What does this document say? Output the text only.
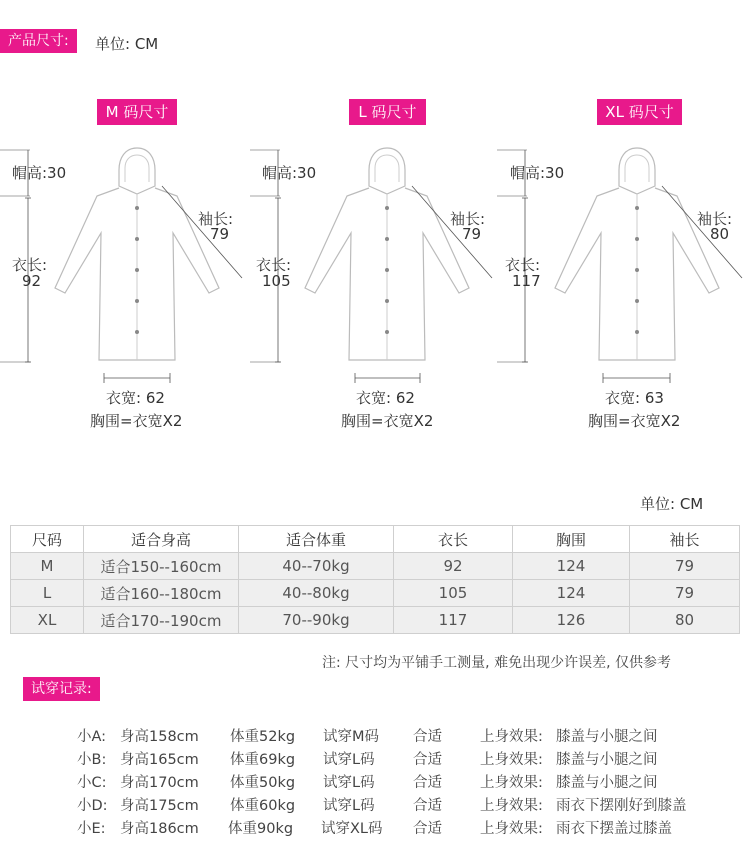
产品尺寸:	单位: CM
M 码尺寸
帽高:30
袖长:
79
衣长:
92
衣宽: 62
胸围=衣宽X2
L 码尺寸
帽高:30
袖长:
79
衣长:
105
衣宽: 62
胸围=衣宽X2
XL 码尺寸
帽高:30
袖长:
80
衣长:
117
衣宽: 63
胸围=衣宽X2
单位: CM
尺码	适合身高	适合体重	衣长	胸围	袖长
M	适合150--160cm	40--70kg	92	124	79
L	适合160--180cm	40--80kg	105	124	79
XL	适合170--190cm	70--90kg	117	126	80
注: 尺寸均为平铺手工测量, 难免出现少许误差, 仅供参考
试穿记录:
小A: 身高158cm 体重52kg 试穿M码 合适	上身效果: 膝盖与小腿之间
小B: 身高165cm 体重69kg 试穿L码	合适	上身效果: 膝盖与小腿之间
小C: 身高170cm 体重50kg 试穿L码	合适	上身效果: 膝盖与小腿之间
小D: 身高175cm 体重60kg 试穿L码	合适	上身效果: 雨衣下摆刚好到膝盖
小E: 身高186cm 体重90kg 试穿XL码 合适	上身效果: 雨衣下摆盖过膝盖
